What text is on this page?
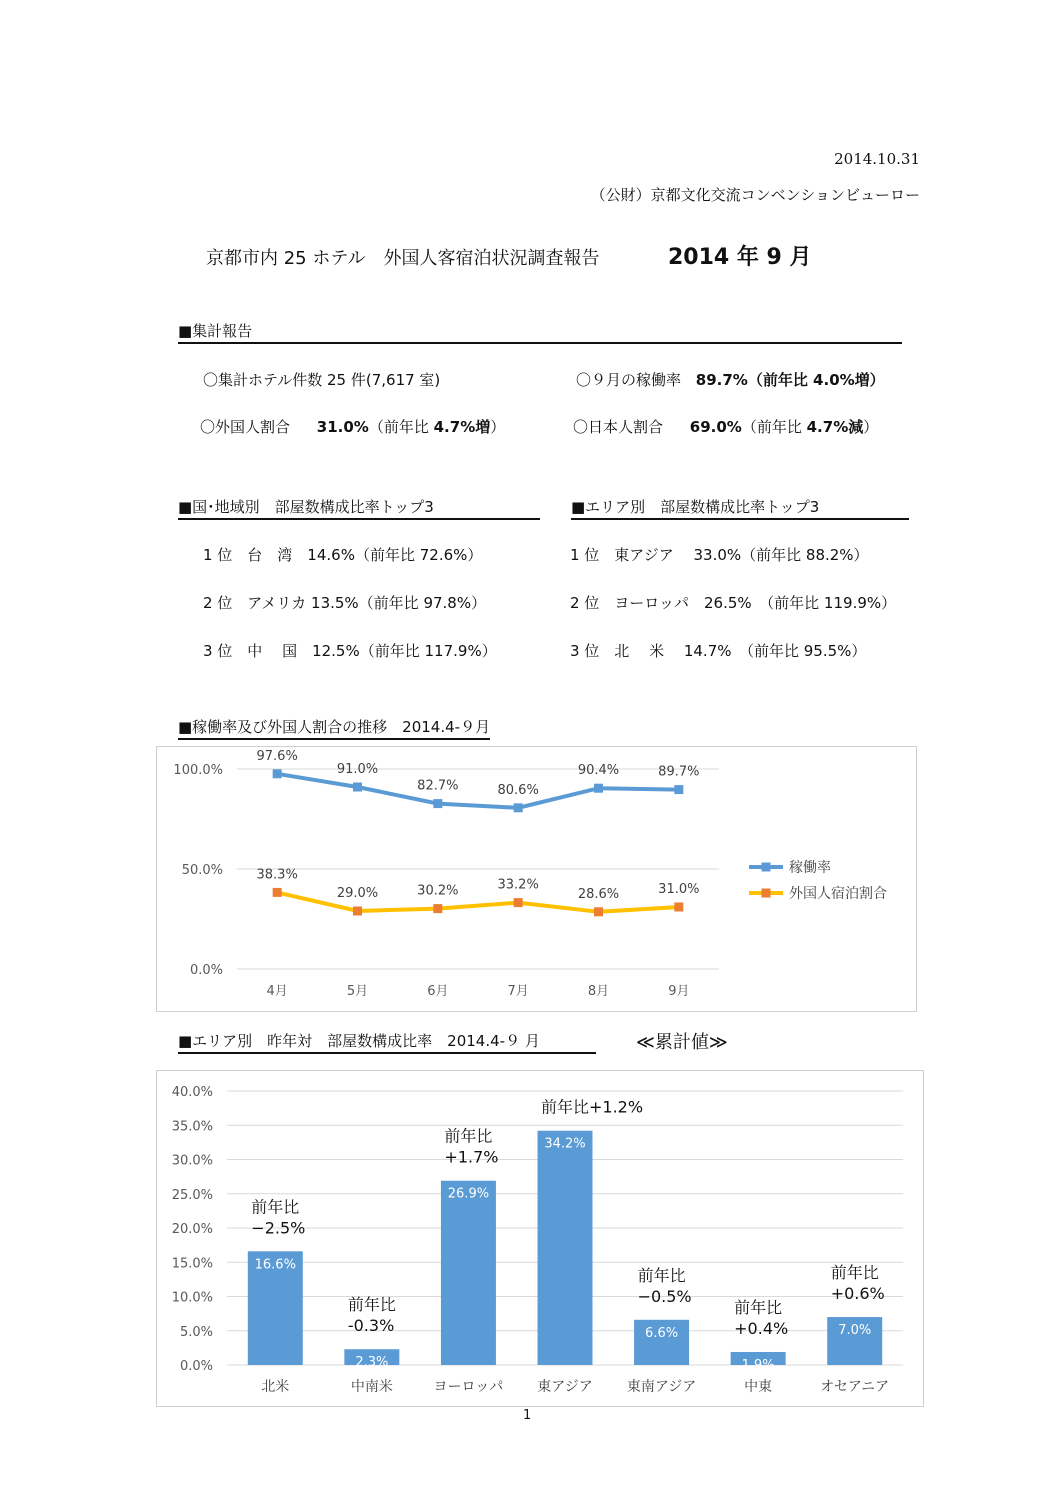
2014.10.31
（公財）京都文化交流コンベンションビューロー
京都市内 25 ホテル　外国人客宿泊状況調査報告	2014 年 9 月
■集計報告
〇集計ホテル件数 25 件(7,617 室)	〇９月の稼働率 89.7%（前年比 4.0%増）
〇外国人割合 31.0%（前年比 4.7%増）	〇日本人割合 69.0%（前年比 4.7%減）
■国･地域別　部屋数構成比率トップ3
1 位　台　湾　14.6%（前年比 72.6%）
2 位　アメリカ 13.5%（前年比 97.8%）
3 位　中　 国　12.5%（前年比 117.9%）
■エリア別　部屋数構成比率トップ3
1 位　東アジア　 33.0%（前年比 88.2%）
2 位　ヨーロッパ　26.5%　（前年比 119.9%）
3 位　北　 米　 14.7%　（前年比 95.5%）
■稼働率及び外国人割合の推移　2014.4-９月
0.0%
50.0%
100.0%
4月	5月	6月	7月	8月	9月
97.6%
91.0%
82.7%	80.6%
90.4%	89.7%
稼働率
38.3%
29.0%	30.2%	33.2%
28.6%	31.0%	外国人宿泊割合
■エリア別　昨年対　部屋数構成比率　2014.4-９ 月	≪累計値≫
0.0%
5.0%
10.0%
15.0%
20.0%
25.0%
30.0%
35.0%
40.0%
16.6%
北米
前年比
−2.5%
2.3%
中南米
前年比
-0.3%
26.9%
ヨーロッパ
前年比
+1.7%
34.2%
東アジア
前年比+1.2%
6.6%
東南アジア
前年比
−0.5%
1.9%
中東
前年比
+0.4%	7.0%
オセアニア
前年比
+0.6%
1
